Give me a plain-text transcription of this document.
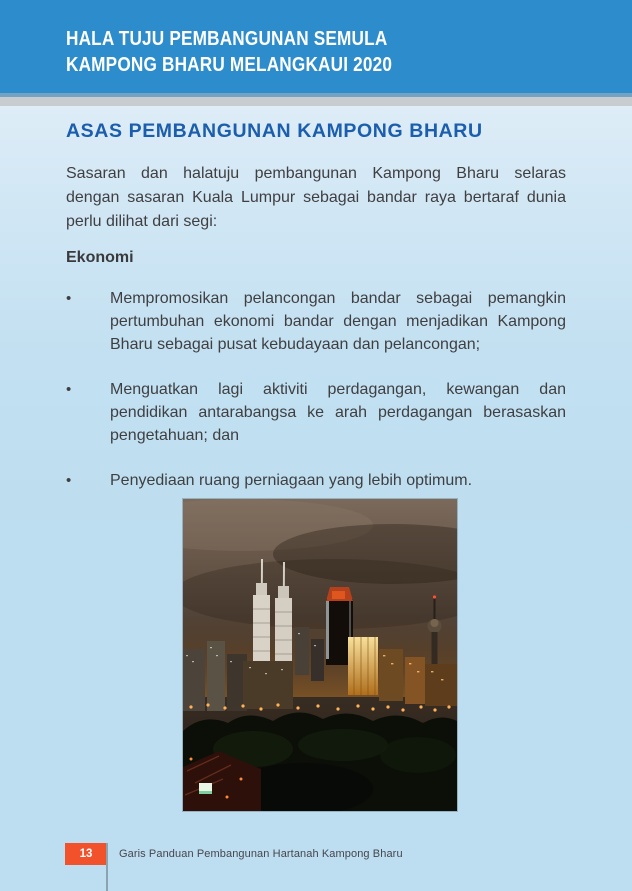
HALA TUJU PEMBANGUNAN SEMULA
KAMPONG BHARU MELANGKAUI 2020
ASAS PEMBANGUNAN KAMPONG BHARU
Sasaran dan halatuju pembangunan Kampong Bharu selaras
dengan sasaran Kuala Lumpur sebagai bandar raya bertaraf dunia
perlu dilihat dari segi:
Ekonomi
•	Mempromosikan pelancongan bandar sebagai pemangkin
pertumbuhan ekonomi bandar dengan menjadikan Kampong
Bharu sebagai pusat kebudayaan dan pelancongan;
•	Menguatkan lagi aktiviti perdagangan, kewangan dan
pendidikan antarabangsa ke arah perdagangan berasaskan
pengetahuan; dan
•	Penyediaan ruang perniagaan yang lebih optimum.
13 Garis Panduan Pembangunan Hartanah Kampong Bharu
